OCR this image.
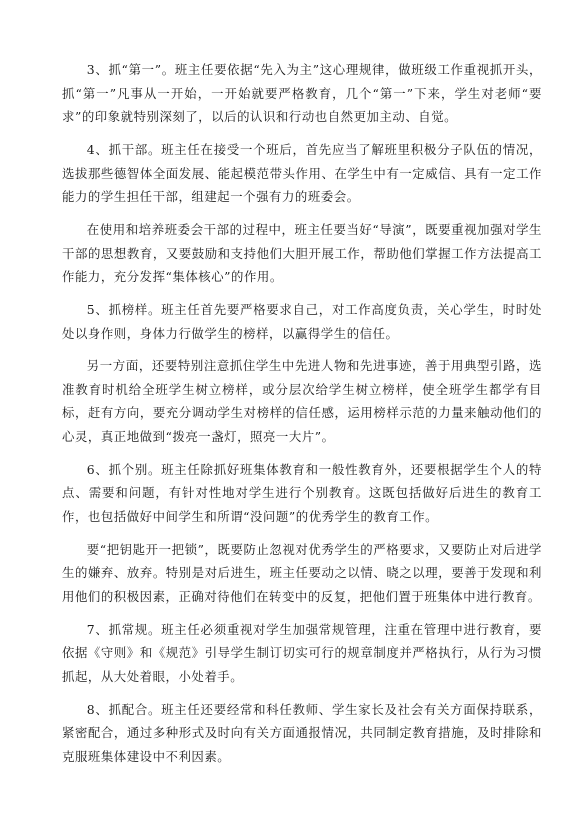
3、抓“第一”。班主任要依据“先入为主”这心理规律，做班级工作重视抓开头，抓“第一”凡事从一开始，一开始就要严格教育，几个“第一”下来，学生对老师“要求”的印象就特别深刻了，以后的认识和行动也自然更加主动、自觉。

4、抓干部。班主任在接受一个班后，首先应当了解班里积极分子队伍的情况，选拔那些德智体全面发展、能起模范带头作用、在学生中有一定威信、具有一定工作能力的学生担任干部，组建起一个强有力的班委会。

在使用和培养班委会干部的过程中，班主任要当好“导演”，既要重视加强对学生干部的思想教育，又要鼓励和支持他们大胆开展工作，帮助他们掌握工作方法提高工作能力，充分发挥“集体核心”的作用。

5、抓榜样。班主任首先要严格要求自己，对工作高度负责，关心学生，时时处处以身作则，身体力行做学生的榜样，以赢得学生的信任。

另一方面，还要特别注意抓住学生中先进人物和先进事迹，善于用典型引路，选准教育时机给全班学生树立榜样，或分层次给学生树立榜样，使全班学生都学有目标，赶有方向，要充分调动学生对榜样的信任感，运用榜样示范的力量来触动他们的心灵，真正地做到“拨亮一盏灯，照亮一大片”。

6、抓个别。班主任除抓好班集体教育和一般性教育外，还要根据学生个人的特点、需要和问题，有针对性地对学生进行个别教育。这既包括做好后进生的教育工作，也包括做好中间学生和所谓“没问题”的优秀学生的教育工作。

要“把钥匙开一把锁”，既要防止忽视对优秀学生的严格要求，又要防止对后进学生的嫌弃、放弃。特别是对后进生，班主任要动之以情、晓之以理，要善于发现和利用他们的积极因素，正确对待他们在转变中的反复，把他们置于班集体中进行教育。

7、抓常规。班主任必须重视对学生加强常规管理，注重在管理中进行教育，要依据《守则》和《规范》引导学生制订切实可行的规章制度并严格执行，从行为习惯抓起，从大处着眼，小处着手。

8、抓配合。班主任还要经常和科任教师、学生家长及社会有关方面保持联系，紧密配合，通过多种形式及时向有关方面通报情况，共同制定教育措施，及时排除和克服班集体建设中不利因素。
